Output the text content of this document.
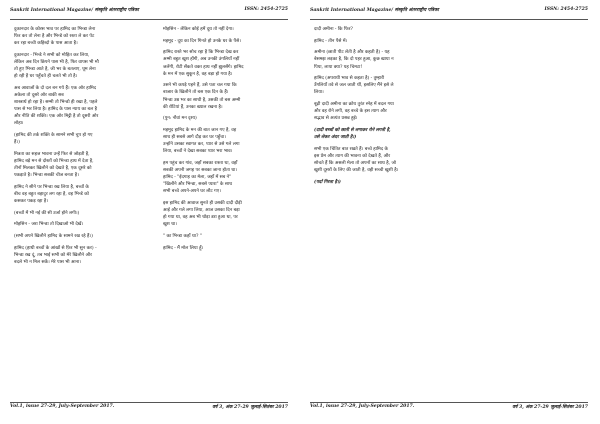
Sankrit International Magazine/ संस्कृति अंतरराष्ट्रीय पत्रिका	ISSN: 2454-2725

दुकानदार के कोरस भाव पर हामिद का भिन्डा लेना
फिर कर तो लेना है और भिन्डे को रस्ता ले कर पेट
कर रहा बच्ची कहिब्दो के पास आता है।

दुकानदार - भिन्डे ने सभी को मोहित कर लिया,
लेकिन अब दिन छिपने पास भी है, फिर वापस भी मौ
तो हुए भिन्डा आते है, जी भर के बतलाए, घूम लेना
हो रही है घर पहुँचते ही चलते भी तो है।

अब आवाजों के दो दल बन गये हैं। एक ओर हामिद
अकेला तो दूसरे ओर बाकी सब
शास्त्रार्थ हो रहा है। सम्मी तो भिन्डो ही रखा है, पहले
पास से भर लिया है। हामिद के पास न्याय का बल है
और नीति की शक्ति। एक ओर मिट्टी है तो दूसरी ओर
लोहा।

(हामिद की तर्क शक्ति के सामने सभी चुप हो गए
हैं।)

मित्रता का सहज भावना उन्हें फिर से जोड़ती है,
हामिद बड़े मन से दोस्तों को भिन्डा हाथ में देता है,
तीनों मिलकर खिलौने को देखते है, एक दूसरे को
पकड़ाते है। भिन्डा सबकी चीज बनता है।

हामिद ने सीने पर भिन्डा रख लिया है, बच्चों के
बीच वह बहुत बहादुर लग रहा है, वह भिन्डे को
कसकर पकड़ रहा है।

(बच्चों में भी नई की सी उर्जा होने लगी।)

मोहसिन - जरा भिन्डा तो दिखाओ भी देखें।

(सभी अपने खिलौने हामिद के सामने रख रहे हैं।)

हामिद (हाथी बच्चों के आंखों से फ़िर भी सुन कर) -
भिन्डा रख दूं, तब भाई सभी को मेरे खिलौने और
बदले भी न मिल सकें। मेरे पास भी आना।

मोहसिन - लेकिन कोई हमें दूध तो नहीं देगा।

महमूद - दूध का दिन गिनते हो उनके घर के पैसे।

हामिद रास्ते भर सोच रहा है कि भिन्डा देख कर
अम्मी बहुत खुश होंगी, अब उनकी उंगलियाँ नहीं
जलेंगी, रोटी सेंकते वक्त हाथ नहीं झुलसेंगे। हामिद
के मन में एक सुकून है, वह बड़ा हो गया है।

उसने भी कपड़े पहने हैं, उसे पता चल गया कि
बाजार के खिलौने तो बस एक दिन के हैं।
भिन्डा उम्र भर का साथी है, उसकी तो बस अम्मी
की रोटियां हैं, उनका ख्याल रखना है।

(पुन: नौवां मन दृश्य)

महमूद हामिद के मन की बात जान गए है, वह
साथ ही सबसे आगे दौड़ कर घर पहुँचा।
उन्होंने उसका स्वागत कर, प्यार से उसे गले लगा
लिया, बच्चों ने देखा सबका प्यार भरा भाव।

हम पहुंच कर गांव, जहाँ सबका रास्ता था, वहाँ
सबकी अपनी जगह पर सबका जाना होता था।
हामिद - "ईदगाह का मेला, जहाँ में सब ने"
"खिलौने और भिन्डा, सबसे प्यारा" के साथ
सभी बच्चे अपने-अपने घर लौट गए।

इस हामिद की आवाज सुनते ही उसकी दादी दौड़ी
आई और गले लगा लिया, आज उसका दिन बड़ा
हो गया था, वह अब भी थोड़ा डरा हुआ था, पर
खुश था।

" का भिन्डा कहाँ था? "

हामिद - मैं मोल लिया हूँ।

Vol.1, issue 27-29, July-September 2017.	वर्ष 3, अंक 27-29 जुलाई-सितंबर 2017
Sankrit International Magazine/ संस्कृति अंतरराष्ट्रीय पत्रिका	ISSN: 2454-2725

दादी अमीना - कि फिर?

हामिद - तीन पैसे में।

अमीना (छाती पीट लेती है और कहती है) - यह
बेसमझ लड़का है, कि दो पहर हुआ, कुछ खाया न
पिया, लाया क्या? यह चिमटा!

हामिद (अपराधी भाव से कहता है) - तुम्हारी
उँगलियाँ तवे से जल जाती थीं, इसलिए मैंने इसे ले
लिया।

बूढ़ी दादी अमीना का क्रोध तुरंत स्नेह में बदल गया
और वह रोने लगी, वह बच्चे के इस त्याग और
सद्भाव से अत्यंत प्रसन्न हुई।

(दादी बच्चों को छाती से लगाकर रोने लगती है,
उसे लेकर अंदर जाती है।)

सभी एक चिंतित बात रखते हैं। बच्चे हामिद के
इस प्रेम और त्याग की भावना को देखते हैं, और
सोचते हैं कि असली मेला तो अपनों का साथ है, जो
खुशी दूसरों के लिए की जाती है, वही सच्ची खुशी है।

(पर्दा गिरता है।)

Vol.1, issue 27-29, July-September 2017.	वर्ष 3, अंक 27-29 जुलाई-सितंबर 2017
